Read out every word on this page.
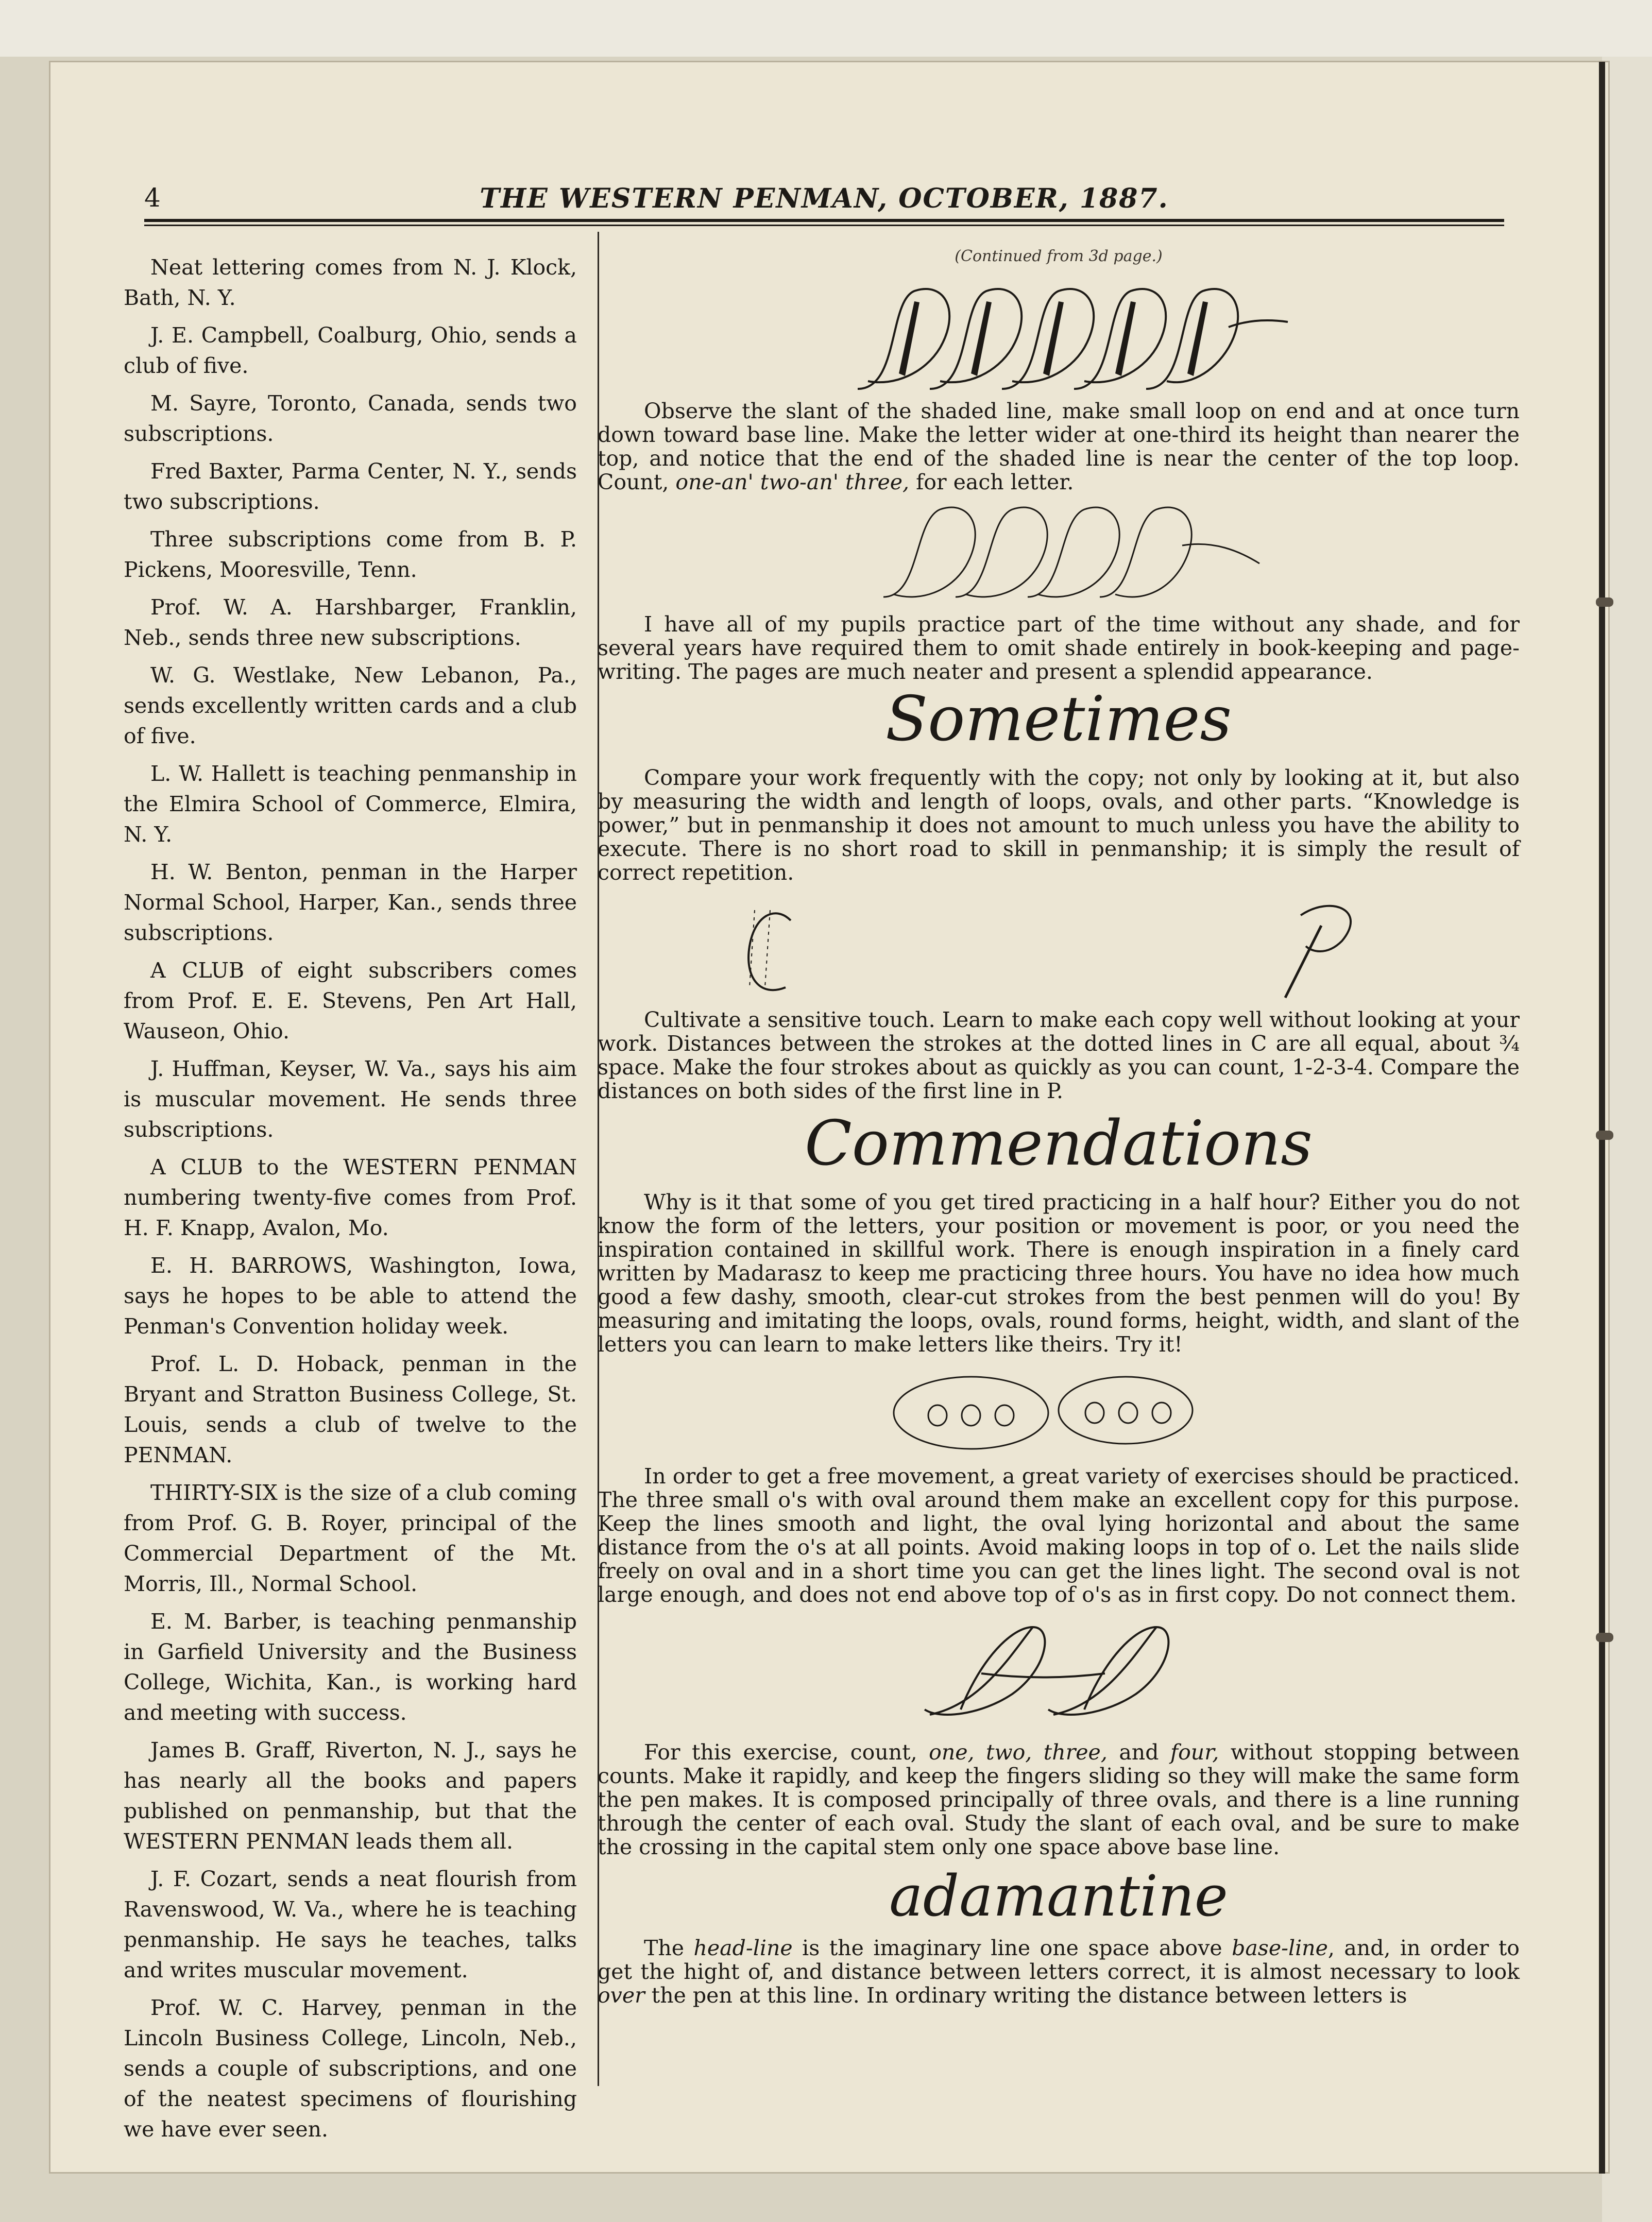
4	THE WESTERN PENMAN, OCTOBER, 1887.

Neat lettering comes from N. J. Klock, Bath, N. Y.

J. E. Campbell, Coalburg, Ohio, sends a club of five.

M. Sayre, Toronto, Canada, sends two subscriptions.

Fred Baxter, Parma Center, N. Y., sends two subscriptions.

Three subscriptions come from B. P. Pickens, Mooresville, Tenn.

Prof. W. A. Harshbarger, Franklin, Neb., sends three new subscriptions.

W. G. Westlake, New Lebanon, Pa., sends excellently written cards and a club of five.

L. W. Hallett is teaching penmanship in the Elmira School of Commerce, Elmira, N. Y.

H. W. Benton, penman in the Harper Normal School, Harper, Kan., sends three subscriptions.

A CLUB of eight subscribers comes from Prof. E. E. Stevens, Pen Art Hall, Wauseon, Ohio.

J. Huffman, Keyser, W. Va., says his aim is muscular movement. He sends three subscriptions.

A CLUB to the WESTERN PENMAN numbering twenty-five comes from Prof. H. F. Knapp, Avalon, Mo.

E. H. BARROWS, Washington, Iowa, says he hopes to be able to attend the Penman's Convention holiday week.

Prof. L. D. Hoback, penman in the Bryant and Stratton Business College, St. Louis, sends a club of twelve to the PENMAN.

THIRTY-SIX is the size of a club coming from Prof. G. B. Royer, principal of the Commercial Department of the Mt. Morris, Ill., Normal School.

E. M. Barber, is teaching penmanship in Garfield University and the Business College, Wichita, Kan., is working hard and meeting with success.

James B. Graff, Riverton, N. J., says he has nearly all the books and papers published on penmanship, but that the WESTERN PENMAN leads them all.

J. F. Cozart, sends a neat flourish from Ravenswood, W. Va., where he is teaching penmanship. He says he teaches, talks and writes muscular movement.

Prof. W. C. Harvey, penman in the Lincoln Business College, Lincoln, Neb., sends a couple of subscriptions, and one of the neatest specimens of flourishing we have ever seen.

(Continued from 3d page.)

Observe the slant of the shaded line, make small loop on end and at once turn down toward base line. Make the letter wider at one-third its height than nearer the top, and notice that the end of the shaded line is near the center of the top loop. Count, one-an' two-an' three, for each letter.

I have all of my pupils practice part of the time without any shade, and for several years have required them to omit shade entirely in book-keeping and page-writing. The pages are much neater and present a splendid appearance.

Sometimes

Compare your work frequently with the copy; not only by looking at it, but also by measuring the width and length of loops, ovals, and other parts. “Knowledge is power,” but in penmanship it does not amount to much unless you have the ability to execute. There is no short road to skill in penmanship; it is simply the result of correct repetition.

Cultivate a sensitive touch. Learn to make each copy well without looking at your work. Distances between the strokes at the dotted lines in C are all equal, about ¾ space. Make the four strokes about as quickly as you can count, 1-2-3-4. Compare the distances on both sides of the first line in P.

Commendations

Why is it that some of you get tired practicing in a half hour? Either you do not know the form of the letters, your position or movement is poor, or you need the inspiration contained in skillful work. There is enough inspiration in a finely card written by Madarasz to keep me practicing three hours. You have no idea how much good a few dashy, smooth, clear-cut strokes from the best penmen will do you! By measuring and imitating the loops, ovals, round forms, height, width, and slant of the letters you can learn to make letters like theirs. Try it!

In order to get a free movement, a great variety of exercises should be practiced. The three small o's with oval around them make an excellent copy for this purpose. Keep the lines smooth and light, the oval lying horizontal and about the same distance from the o's at all points. Avoid making loops in top of o. Let the nails slide freely on oval and in a short time you can get the lines light. The second oval is not large enough, and does not end above top of o's as in first copy. Do not connect them.

For this exercise, count, one, two, three, and four, without stopping between counts. Make it rapidly, and keep the fingers sliding so they will make the same form the pen makes. It is composed principally of three ovals, and there is a line running through the center of each oval. Study the slant of each oval, and be sure to make the crossing in the capital stem only one space above base line.

adamantine

The head-line is the imaginary line one space above base-line, and, in order to get the hight of, and distance between letters correct, it is almost necessary to look over the pen at this line. In ordinary writing the distance between letters is
